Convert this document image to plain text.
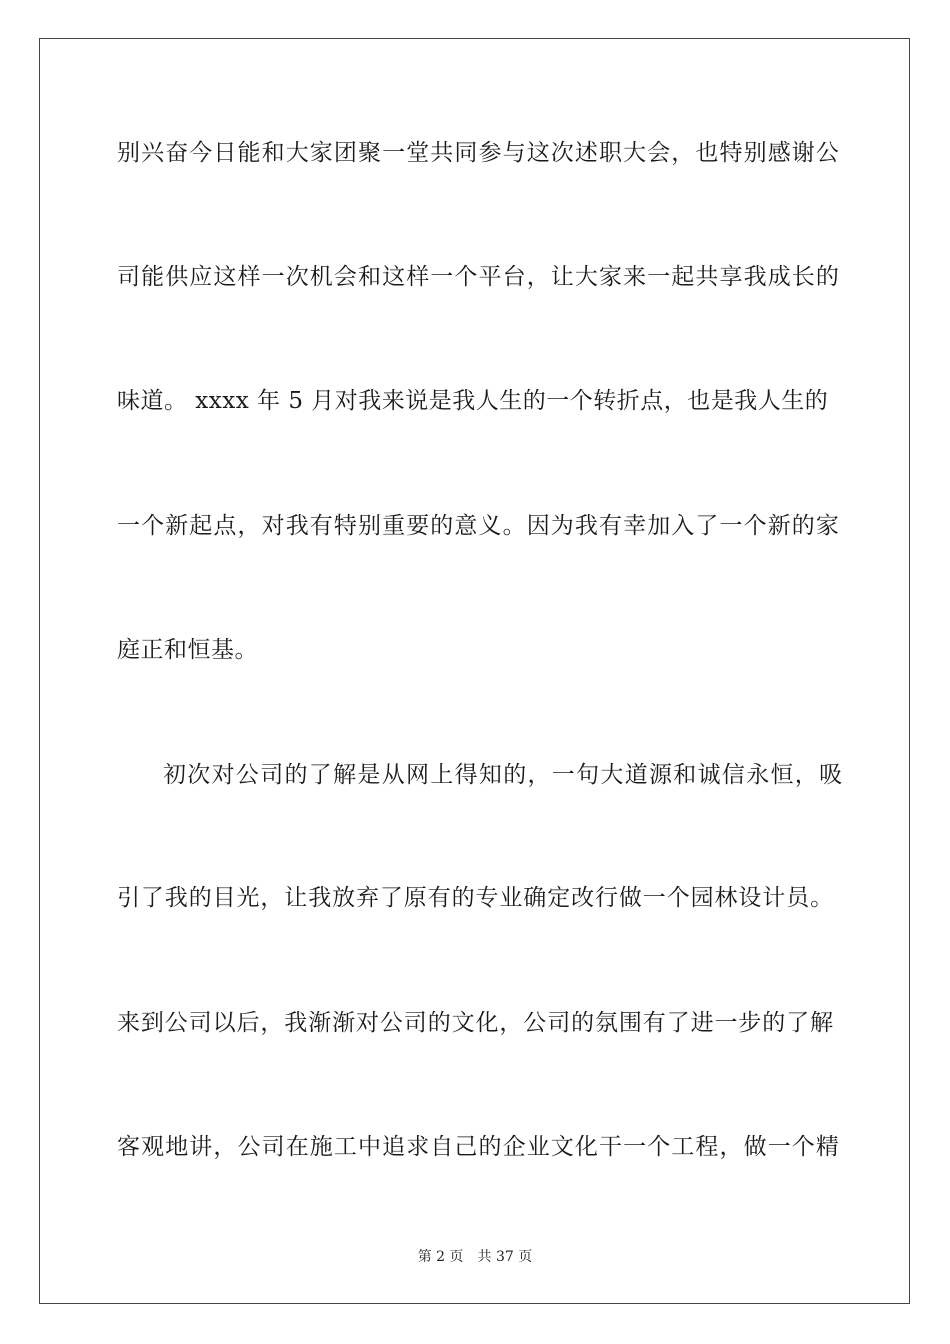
别兴奋今日能和大家团聚一堂共同参与这次述职大会，也特别感谢公
司能供应这样一次机会和这样一个平台，让大家来一起共享我成长的
味道。 xxxx 年 5 月对我来说是我人生的一个转折点，也是我人生的
一个新起点，对我有特别重要的意义。因为我有幸加入了一个新的家
庭正和恒基。
初次对公司的了解是从网上得知的，一句大道源和诚信永恒，吸
引了我的目光，让我放弃了原有的专业确定改行做一个园林设计员。
来到公司以后，我渐渐对公司的文化，公司的氛围有了进一步的了解
客观地讲，公司在施工中追求自己的企业文化干一个工程，做一个精
第 2 页 共 37 页
